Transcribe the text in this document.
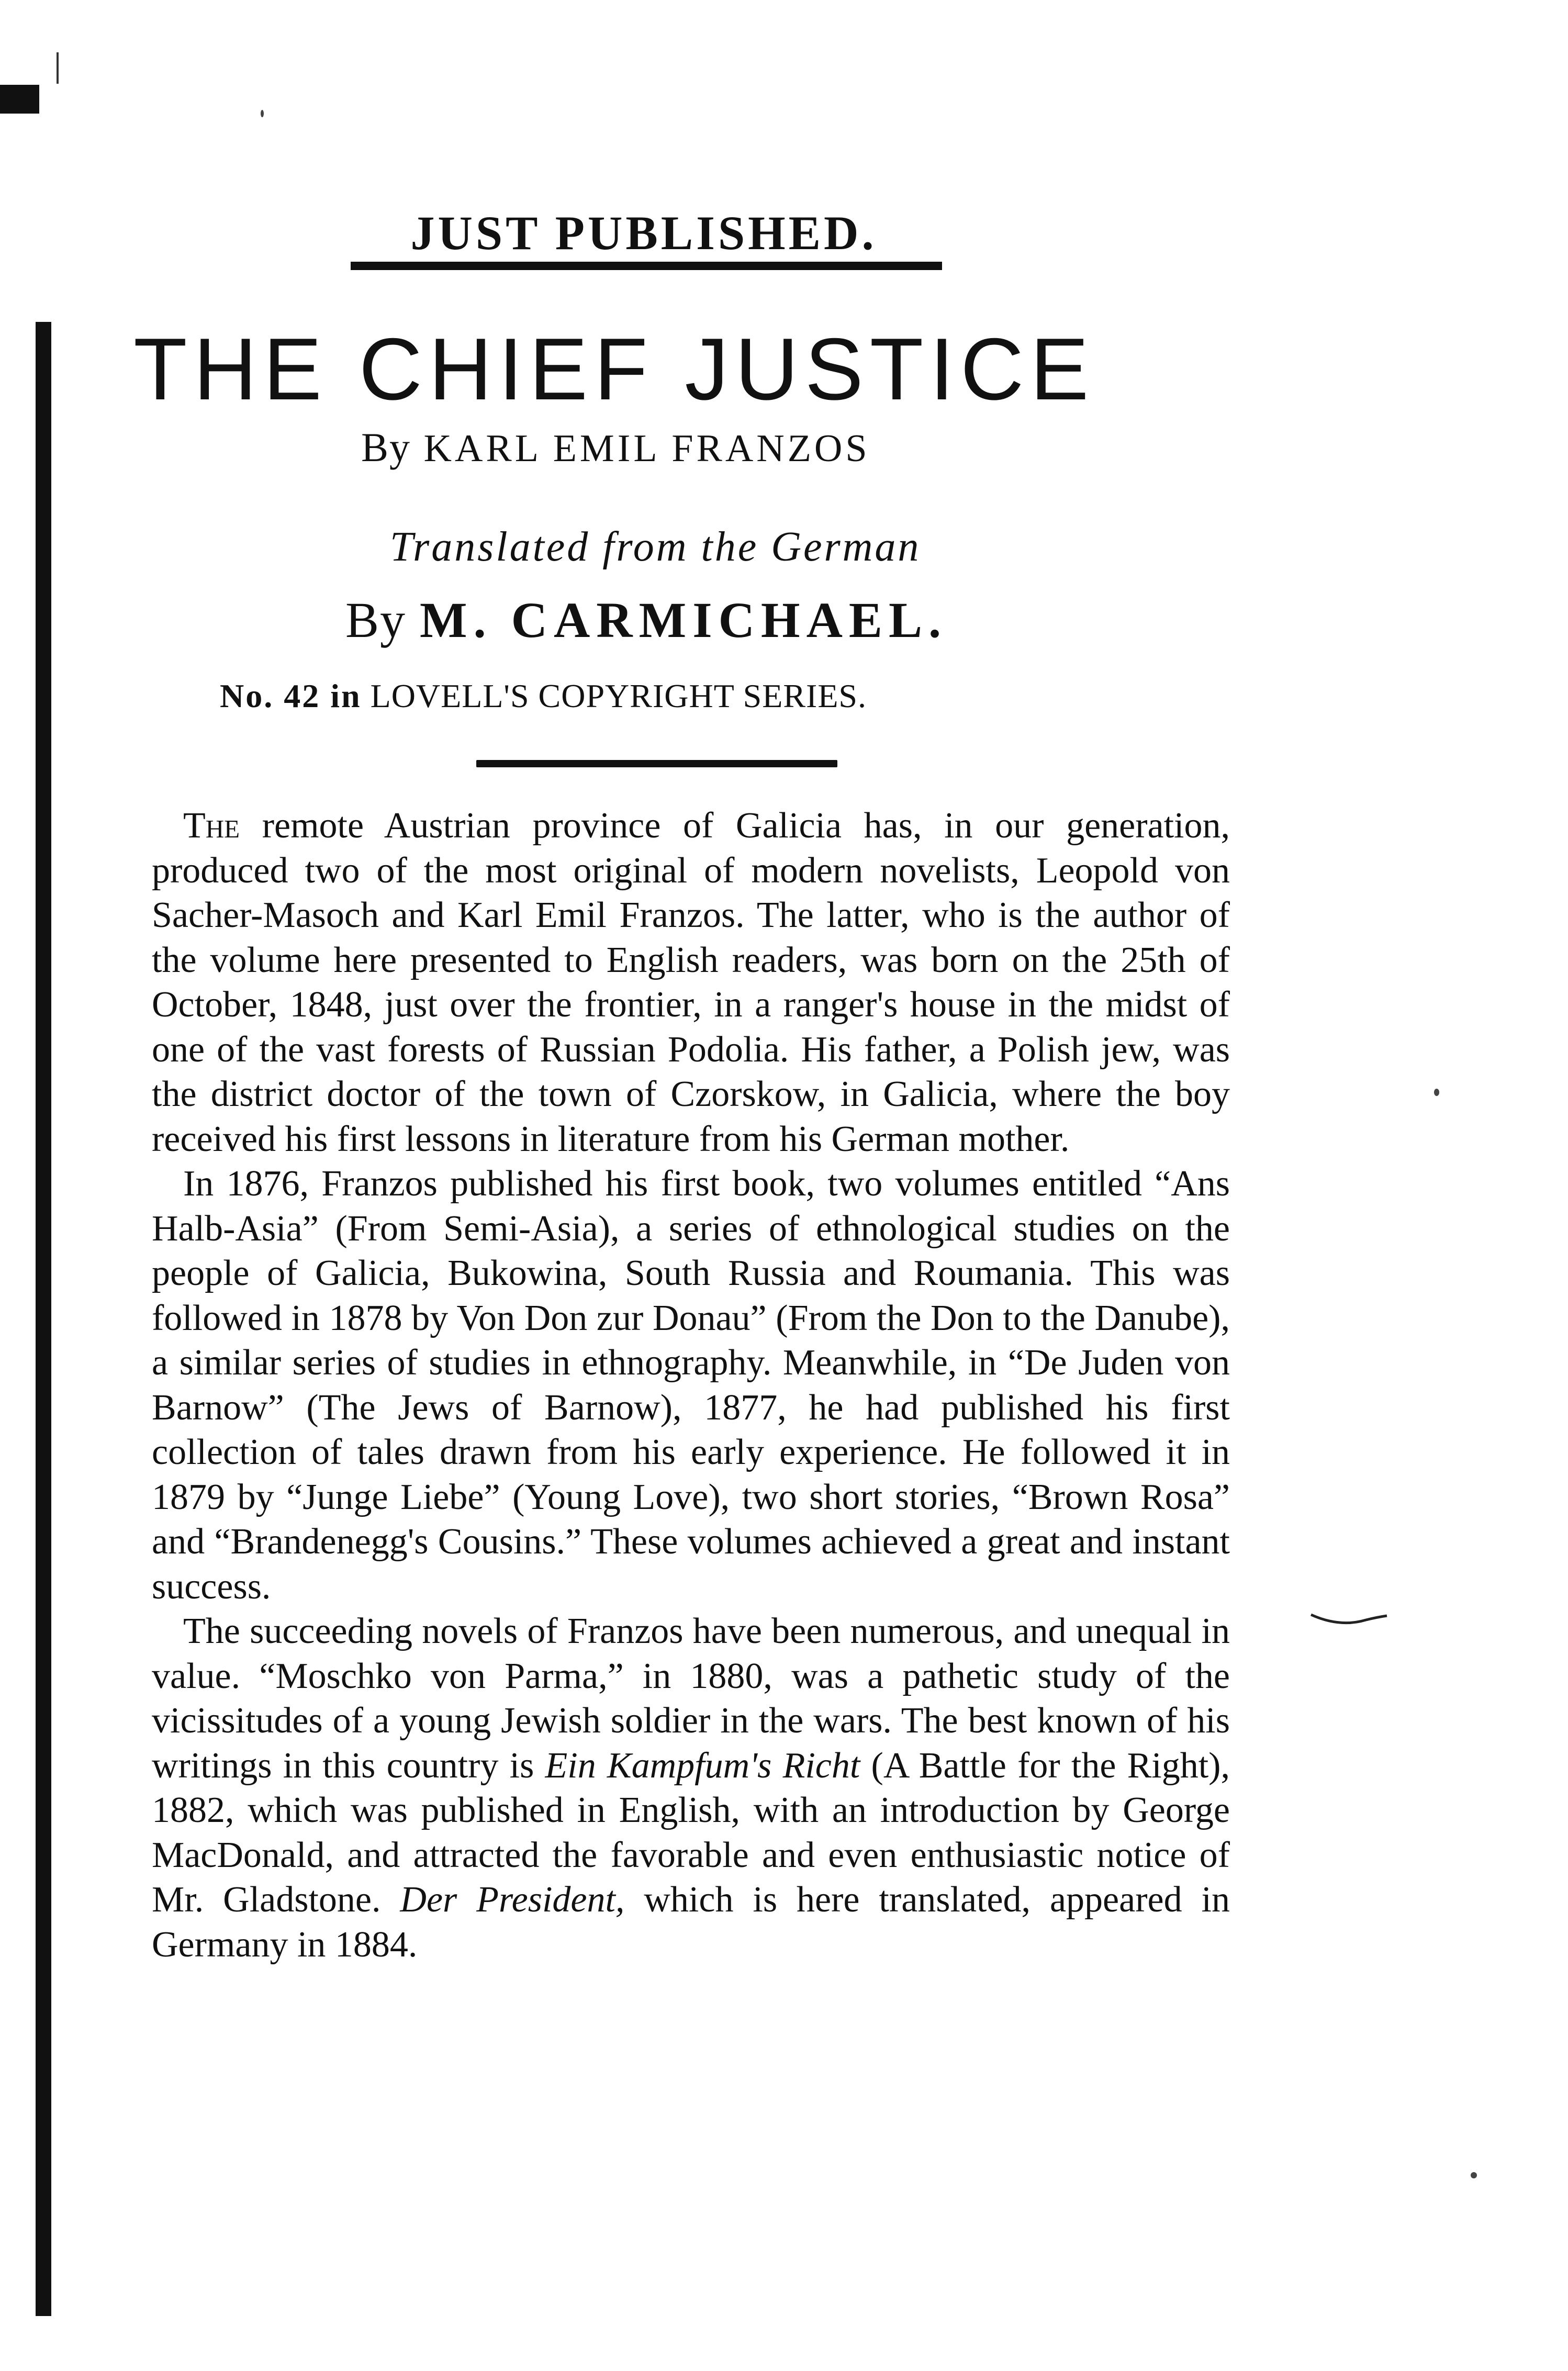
JUST PUBLISHED.
THE CHIEF JUSTICE
By KARL EMIL FRANZOS
Translated from the German
By M. CARMICHAEL.
No. 42 in LOVELL'S COPYRIGHT SERIES.

The remote Austrian province of Galicia has, in our generation, produced two of the most original of modern novelists, Leopold von Sacher-Masoch and Karl Emil Franzos. The latter, who is the author of the volume here presented to English readers, was born on the 25th of October, 1848, just over the frontier, in a ranger's house in the midst of one of the vast forests of Russian Podolia. His father, a Polish jew, was the district doctor of the town of Czorskow, in Galicia, where the boy received his first lessons in literature from his German mother.

In 1876, Franzos published his first book, two volumes entitled “Ans Halb-Asia” (From Semi-Asia), a series of ethnological studies on the people of Galicia, Bukowina, South Russia and Roumania. This was followed in 1878 by Von Don zur Donau” (From the Don to the Danube), a similar series of studies in ethnography. Meanwhile, in “De Juden von Barnow” (The Jews of Barnow), 1877, he had published his first collection of tales drawn from his early experience. He followed it in 1879 by “Junge Liebe” (Young Love), two short stories, “Brown Rosa” and “Brandenegg's Cousins.” These volumes achieved a great and instant success.

The succeeding novels of Franzos have been numerous, and unequal in value. “Moschko von Parma,” in 1880, was a pathetic study of the vicissitudes of a young Jewish soldier in the wars. The best known of his writings in this country is Ein Kampfum's Richt (A Battle for the Right), 1882, which was published in English, with an introduction by George MacDonald, and attracted the favorable and even enthusiastic notice of Mr. Gladstone. Der President, which is here translated, appeared in Germany in 1884.
